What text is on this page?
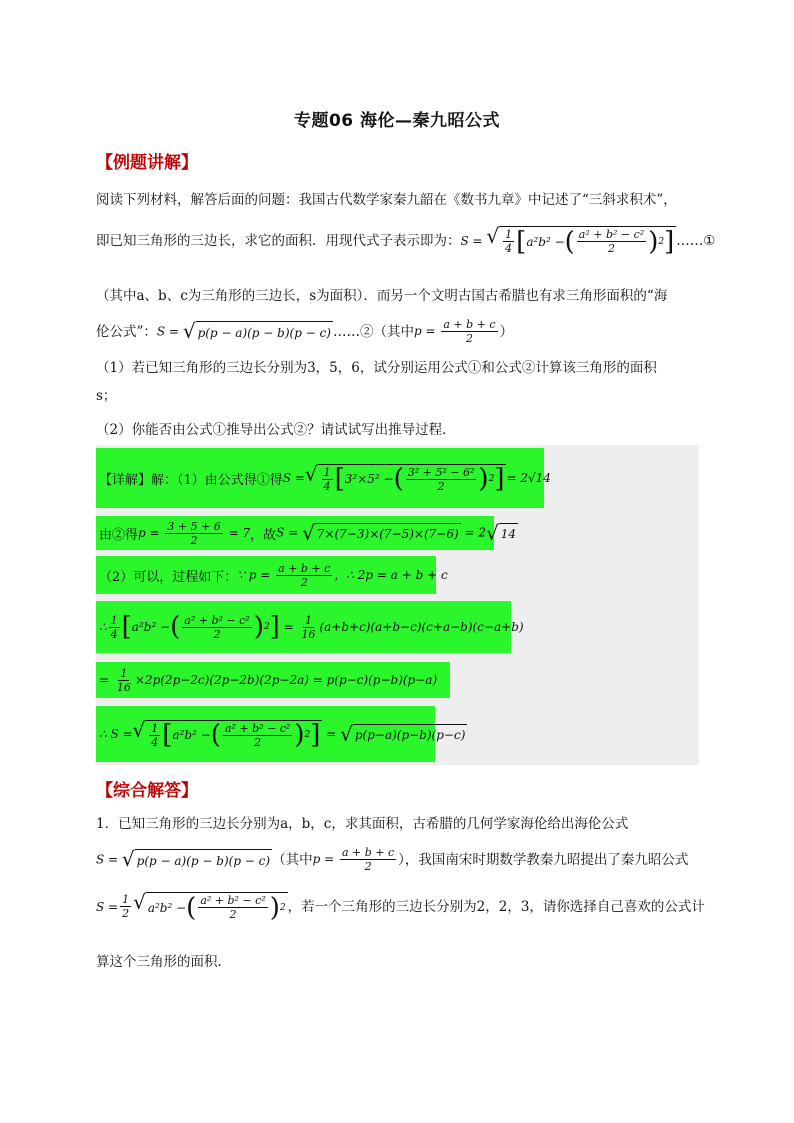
专题06 海伦—秦九昭公式
【例题讲解】
阅读下列材料，解答后面的问题：我国古代数学家秦九韶在《数书九章》中记述了“三斜求积术”，
即已知三角形的三边长，求它的面积．用现代式子表示即为： S = √ $\frac{1}{4}$ [ a²b² − ( $\frac{\text{a² + b² − c²}}{2}$ ) 2 ] ……①
（其中a、b、c为三角形的三边长，s为面积）．而另一个文明古国古希腊也有求三角形面积的“海
伦公式”： S = √ p(p − a)(p − b)(p − c) ……②（其中 $p = \frac{a + b + c}{2}$ ）
（1）若已知三角形的三边长分别为3，5，6，试分别运用公式①和公式②计算该三角形的面积
s；
（2）你能否由公式①推导出公式②？请试试写出推导过程．
【详解】解：（1）由公式得①得 S = √ $\frac{1}{4}$ [ 3²×5² − ( $\frac{\text{3² + 5² − 6²}}{2}$ ) 2 ] = 2√14
由②得 $p = \frac{3 + 5 + 6}{2} = 7$ ，故 S = √ 7×(7−3)×(7−5)×(7−6) = 2 √ 14
（2）可以，过程如下： ∵ $p = \frac{a + b + c}{2}$ ， ∴ 2p = a + b + c
∴ $\frac{1}{4}$ [ a²b² − ( $\frac{\text{a² + b² − c²}}{2}$ ) 2 ] = $\frac{1}{16} (a+b+c)(a+b-c)(c+a-b)(c-a+b)$
= $\frac{1}{16} \times 2p(2p-2c)(2p-2b)(2p-2a) = p(p-c)(p-b)(p-a)$
∴ S = √ $\frac{1}{4}$ [ a²b² − ( $\frac{\text{a² + b² − c²}}{2}$ ) 2 ] = √ p(p−a)(p−b)(p−c)
【综合解答】
1．已知三角形的三边长分别为a，b，c，求其面积，古希腊的几何学家海伦给出海伦公式
S = √ p(p − a)(p − b)(p − c) （其中 $p = \frac{a + b + c}{2}$ ），我国南宋时期数学教秦九昭提出了秦九昭公式
$S = \frac{1}{2}$ √ a²b² − ( $\frac{\text{a² + b² − c²}}{2}$ ) 2 ，若一个三角形的三边长分别为2，2，3，请你选择自己喜欢的公式计
算这个三角形的面积．
